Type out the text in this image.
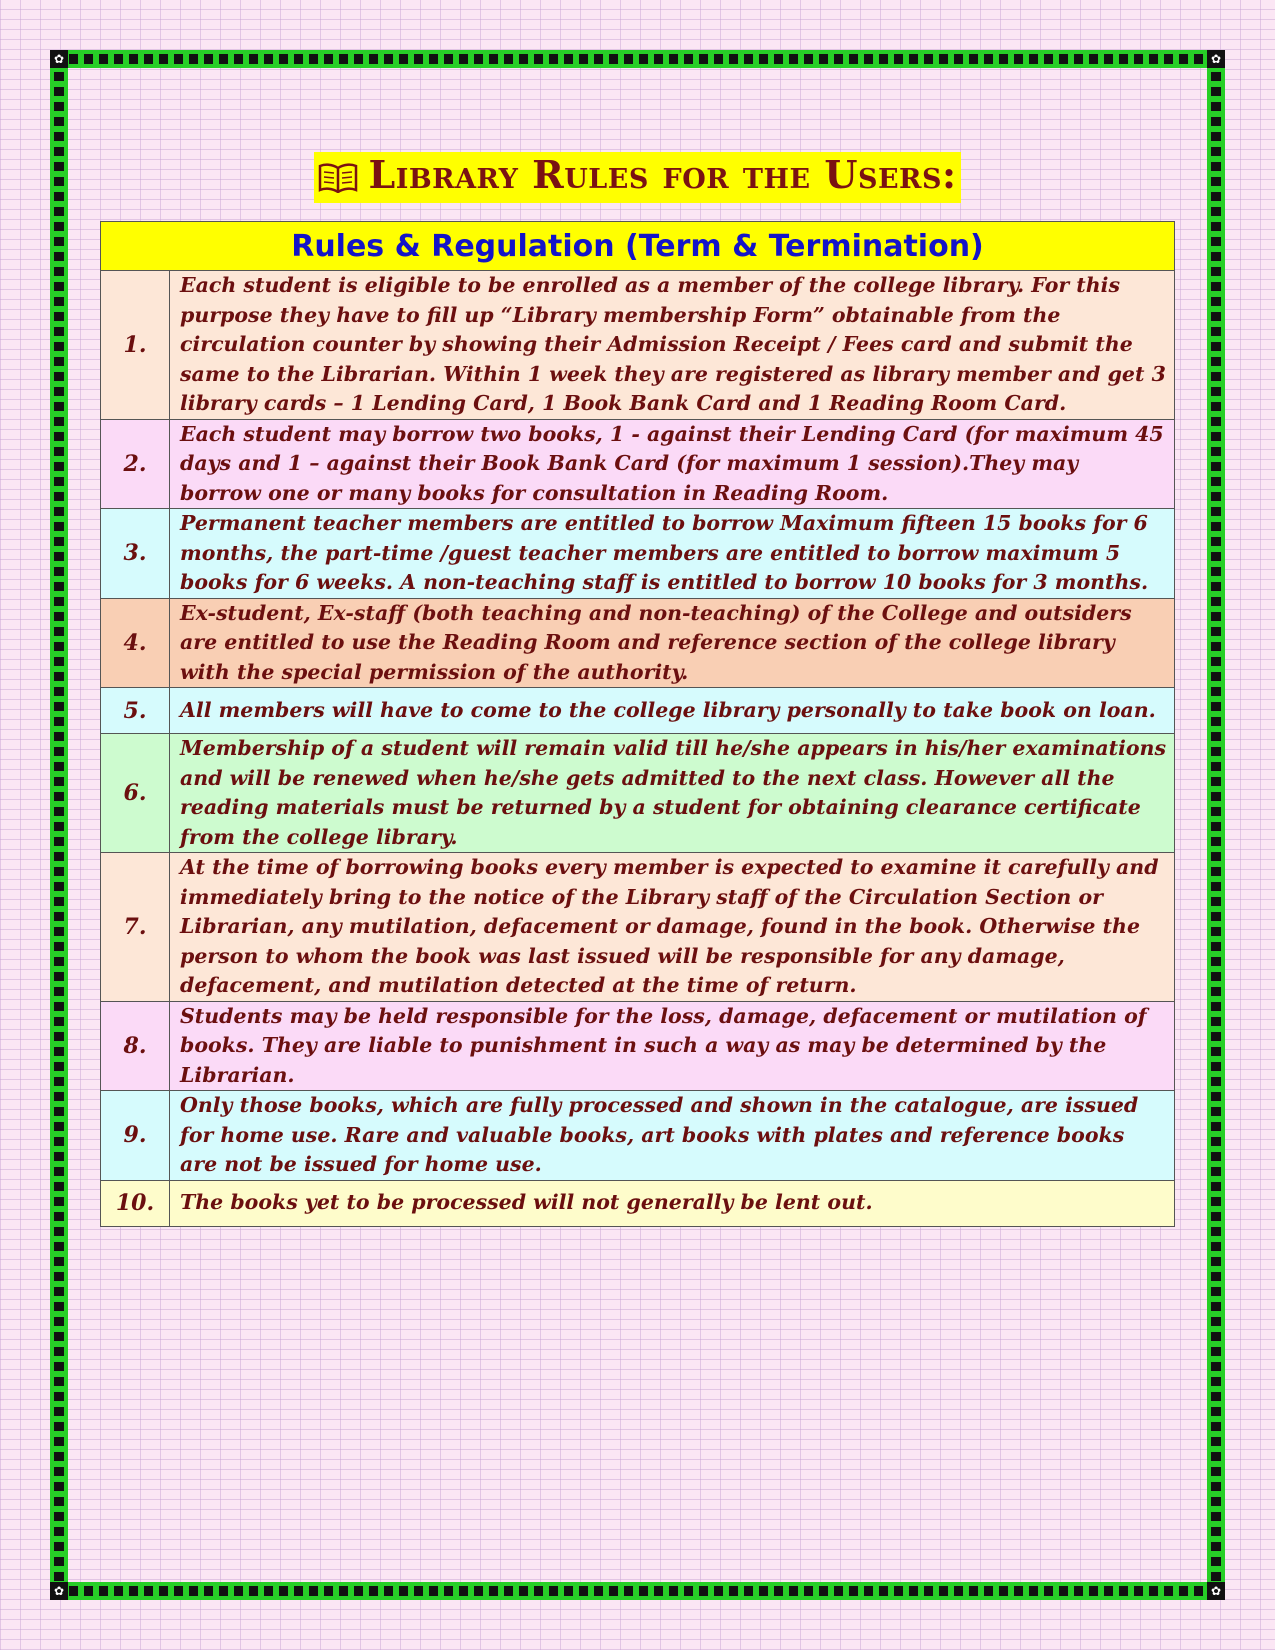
✿	✿
✿	✿
Library Rules for the Users:
Rules & Regulation (Term & Termination)	
1.	Each student is eligible to be enrolled as a member of the college library. For this purpose they have to fill up “Library membership Form” obtainable from the circulation counter by showing their Admission Receipt / Fees card and submit the same to the Librarian. Within 1 week they are registered as library member and get 3 library cards – 1 Lending Card, 1 Book Bank Card and 1 Reading Room Card.
2.	Each student may borrow two books, 1 - against their Lending Card (for maximum 45 days and 1 – against their Book Bank Card (for maximum 1 session).They may borrow one or many books for consultation in Reading Room.
3.	Permanent teacher members are entitled to borrow Maximum fifteen 15 books for 6 months, the part-time /guest teacher members are entitled to borrow maximum 5 books for 6 weeks. A non-teaching staff is entitled to borrow 10 books for 3 months.
4.	Ex-student, Ex-staff (both teaching and non-teaching) of the College and outsiders are entitled to use the Reading Room and reference section of the college library with the special permission of the authority.
5.	All members will have to come to the college library personally to take book on loan.
6.	Membership of a student will remain valid till he/she appears in his/her examinations and will be renewed when he/she gets admitted to the next class. However all the reading materials must be returned by a student for obtaining clearance certificate from the college library.
7.	At the time of borrowing books every member is expected to examine it carefully and immediately bring to the notice of the Library staff of the Circulation Section or Librarian, any mutilation, defacement or damage, found in the book. Otherwise the person to whom the book was last issued will be responsible for any damage, defacement, and mutilation detected at the time of return.
8.	Students may be held responsible for the loss, damage, defacement or mutilation of books. They are liable to punishment in such a way as may be determined by the Librarian.
9.	Only those books, which are fully processed and shown in the catalogue, are issued for home use. Rare and valuable books, art books with plates and reference books are not be issued for home use.
10.	The books yet to be processed will not generally be lent out.
